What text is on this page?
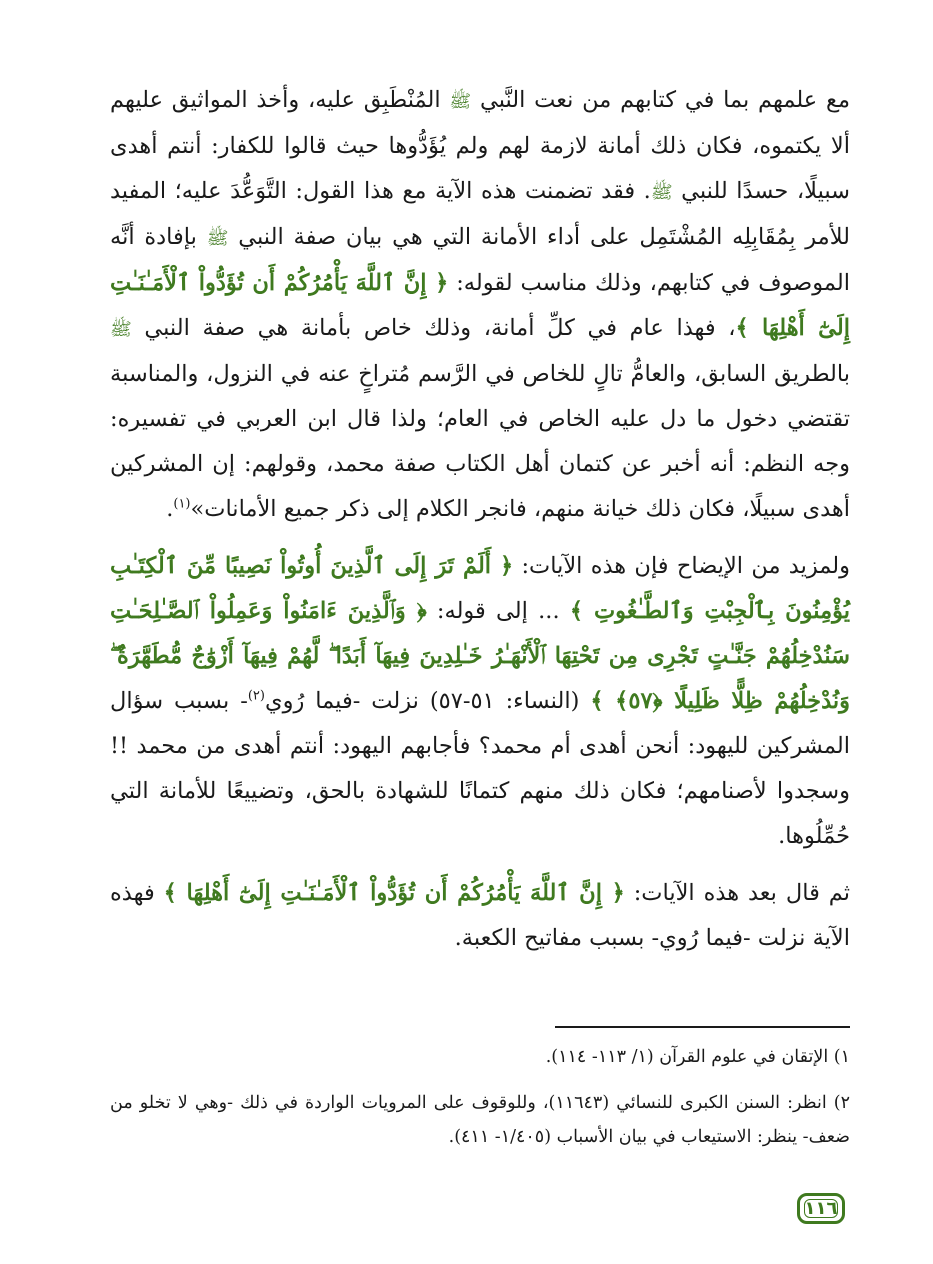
مع علمهم بما في كتابهم من نعت النَّبي ﷺ المُنْطَبِق عليه، وأخذ المواثيق عليهم ألا يكتموه، فكان ذلك أمانة لازمة لهم ولم يُؤَدُّوها حيث قالوا للكفار: أنتم أهدى سبيلًا، حسدًا للنبي ﷺ. فقد تضمنت هذه الآية مع هذا القول: التَّوَعُّدَ عليه؛ المفيد للأمر بِمُقَابِلِه المُشْتَمِل على أداء الأمانة التي هي بيان صفة النبي ﷺ بإفادة أنَّه الموصوف في كتابهم، وذلك مناسب لقوله: ﴿ إِنَّ ٱللَّهَ يَأْمُرُكُمْ أَن تُؤَدُّواْ ٱلْأَمَـٰنَـٰتِ إِلَىٰٓ أَهْلِهَا ﴾، فهذا عام في كلِّ أمانة، وذلك خاص بأمانة هي صفة النبي ﷺ بالطريق السابق، والعامُّ تالٍ للخاص في الرَّسم مُتراخٍ عنه في النزول، والمناسبة تقتضي دخول ما دل عليه الخاص في العام؛ ولذا قال ابن العربي في تفسيره: وجه النظم: أنه أخبر عن كتمان أهل الكتاب صفة محمد، وقولهم: إن المشركين أهدى سبيلًا، فكان ذلك خيانة منهم، فانجر الكلام إلى ذكر جميع الأمانات»$^{(١)}$.

ولمزيد من الإيضاح فإن هذه الآيات: ﴿ أَلَمْ تَرَ إِلَى ٱلَّذِينَ أُوتُواْ نَصِيبًا مِّنَ ٱلْكِتَـٰبِ يُؤْمِنُونَ بِٱلْجِبْتِ وَٱلطَّـٰغُوتِ ﴾ ... إلى قوله: ﴿ وَٱلَّذِينَ ءَامَنُواْ وَعَمِلُواْ ٱلصَّـٰلِحَـٰتِ سَنُدْخِلُهُمْ جَنَّـٰتٍ تَجْرِى مِن تَحْتِهَا ٱلْأَنْهَـٰرُ خَـٰلِدِينَ فِيهَآ أَبَدًا ۖ لَّهُمْ فِيهَآ أَزْوَٰجٌ مُّطَهَّرَةٌ ۖ وَنُدْخِلُهُمْ ظِلًّا ظَلِيلًا ﴿٥٧﴾ ﴾ (النساء: ٥١-٥٧) نزلت -فيما رُوي$^{(٢)}$- بسبب سؤال المشركين لليهود: أنحن أهدى أم محمد؟ فأجابهم اليهود: أنتم أهدى من محمد !! وسجدوا لأصنامهم؛ فكان ذلك منهم كتمانًا للشهادة بالحق، وتضييعًا للأمانة التي حُمِّلُوها.

ثم قال بعد هذه الآيات: ﴿ إِنَّ ٱللَّهَ يَأْمُرُكُمْ أَن تُؤَدُّواْ ٱلْأَمَـٰنَـٰتِ إِلَىٰٓ أَهْلِهَا ﴾ فهذه الآية نزلت -فيما رُوي- بسبب مفاتيح الكعبة.

١) الإتقان في علوم القرآن (١/ ١١٣- ١١٤).

٢) انظر: السنن الكبرى للنسائي (١١٦٤٣)، وللوقوف على المرويات الواردة في ذلك -وهي لا تخلو من ضعف- ينظر: الاستيعاب في بيان الأسباب (١/٤٠٥- ٤١١).

١١٦
